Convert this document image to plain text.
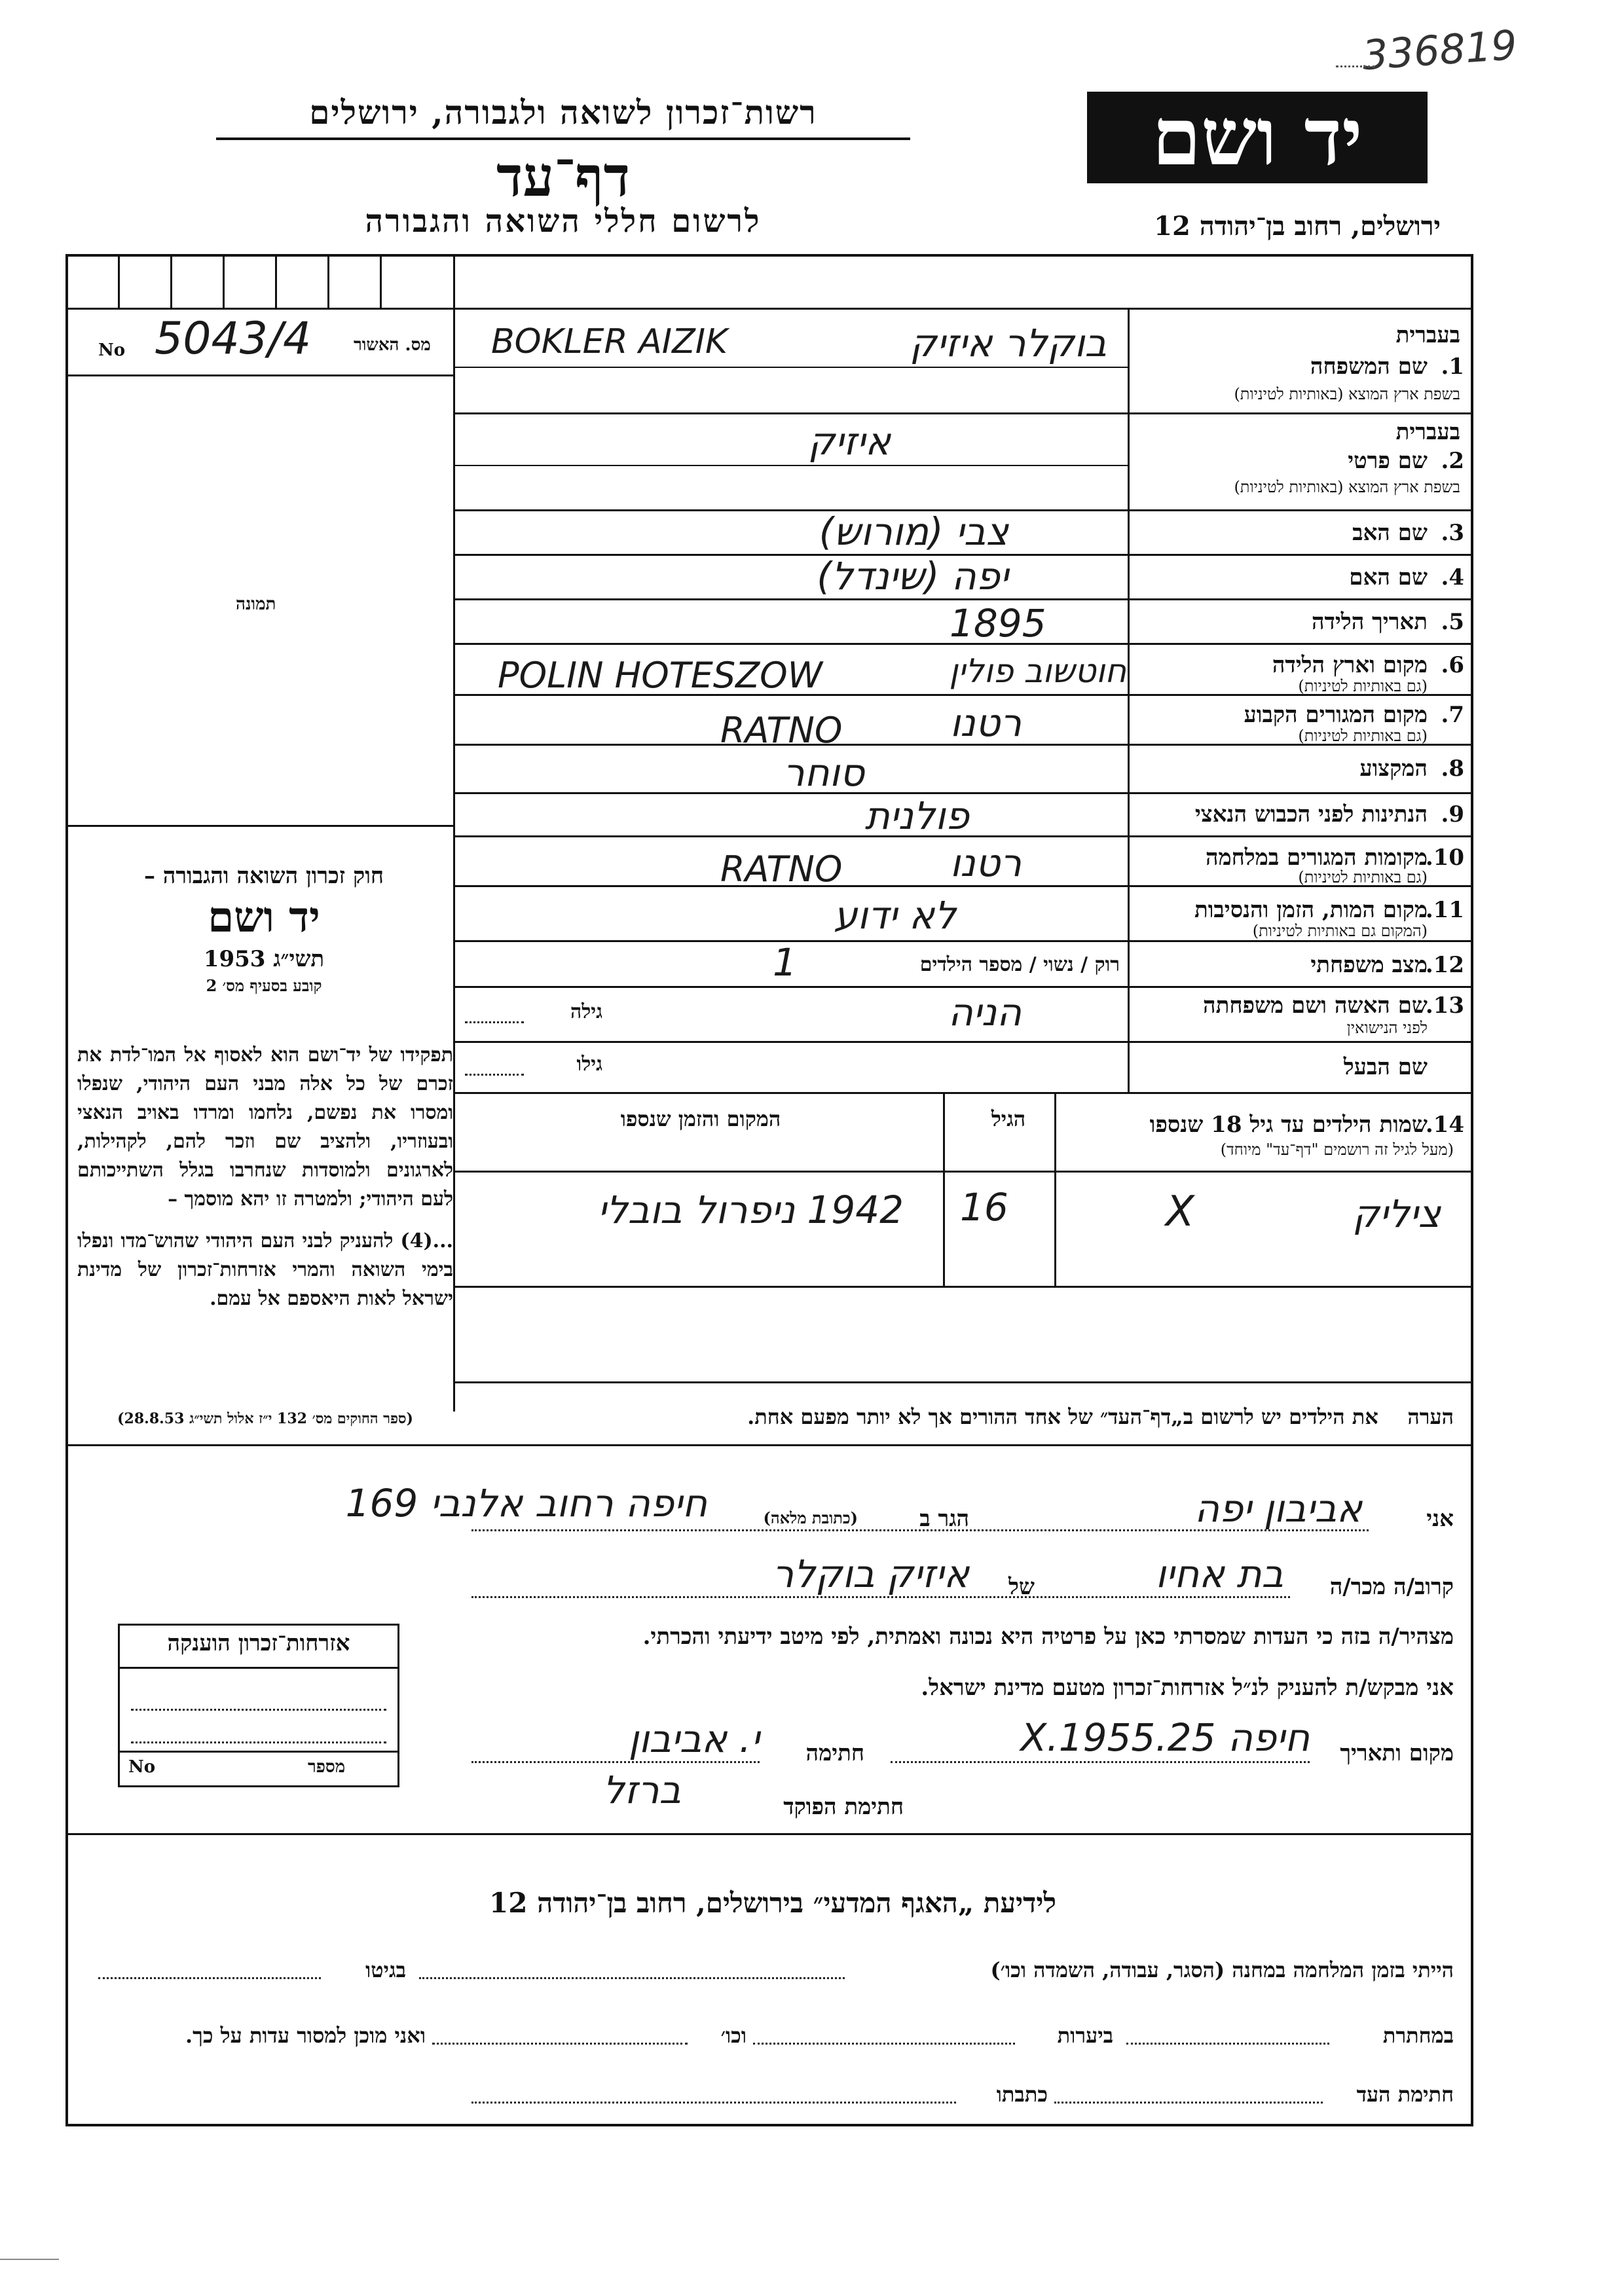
336819
יד ושם
רשות־זכרון לשואה ולגבורה, ירושלים
דף־עד
לרשום חללי השואה והגבורה	ירושלים, רחוב בן־יהודה 12
מס. האשור
5043/4
No
תמונה
חוק זכרון השואה והגבורה –
יד ושם
תשי״ג 1953
קובע בסעיף מס׳ 2
תפקידו של יד־ושם הוא לאסוף אל המו־לדת את זכרם של כל אלה מבני העם היהודי, שנפלו ומסרו את נפשם, נלחמו ומרדו באויב הנאצי ובעוזריו, ולהציב שם וזכר להם, לקהילות, לארגונים ולמוסדות שנחרבו בגלל השתייכותם לעם היהודי; ולמטרה זו יהא מוסמך –
...(4) להעניק לבני העם היהודי שהוש־מדו ונפלו בימי השואה והמרי אזרחות־זכרון של מדינת ישראל לאות היאספם אל עמם.
(ספר החוקים מס׳ 132 י״ז אלול תשי״ג 28.8.53)
בעברית
שם המשפחה 1.
בשפת ארץ המוצא (באותיות לטיניות)
בוקלר איזיק
BOKLER AIZIK
בעברית
שם פרטי 2.
בשפת ארץ המוצא (באותיות לטיניות)
איזיק
שם האב 3.
צבי (מורוש)
שם האם 4.
יפה (שינדל)
תאריך הלידה 5.
1895
מקום וארץ הלידה 6.
(גם באותיות לטיניות)
חוטשוב פולין
POLIN HOTESZOW
מקום המגורים הקבוע 7.
(גם באותיות לטיניות)
רטנו
RATNO
המקצוע 8.
סוחר
הנתינות לפני הכבוש הנאצי 9.
פולנית
מקומות המגורים במלחמה
10.
(גם באותיות לטיניות)
רטנו
RATNO
מקום המות, הזמן והנסיבות
11.
(המקום גם באותיות לטיניות)
לא ידוע
מצב משפחתי
12.
רוק / נשוי / מספר הילדים
1
שם האשה ושם משפחתה
13.
לפני הנישואין
גילה	הניה
שם הבעל
גילו
שמות הילדים עד גיל 18 שנספו
14.
(מעל לגיל זה רושמים "דף־עד" מיוחד)
הגיל
המקום והזמן שנספו
ציליק
X
16
1942 ניפרול בובלי
הערה    את הילדים יש לרשום ב„דף־העד״ של אחד ההורים אך לא יותר מפעם אחת.
אני
אביבון יפה
הגר ב
(כתובת מלאה)
חיפה רחוב אלנבי 169
קרוב/ה מכר/ה
בת אחיו
של
איזיק בוקלר
מצהיר/ה בזה כי העדות שמסרתי כאן על פרטיה היא נכונה ואמתית, לפי מיטב ידיעתי והכרתי.
אני מבקש/ת להעניק לנ״ל אזרחות־זכרון מטעם מדינת ישראל.
מקום ותאריך
חיפה 25.X.1955
חתימה
י. אביבון
חתימת הפוקד
ברזל
אזרחות־זכרון הוענקה
מספר
No
לידיעת „האגף המדעי״ בירושלים, רחוב בן־יהודה 12
הייתי בזמן המלחמה במחנה (הסגר, עבודה, השמדה וכו׳)
בגיטו
במחתרת
ביערות
וכו׳
ואני מוכן למסור עדות על כך.
חתימת העד
כתבתו
